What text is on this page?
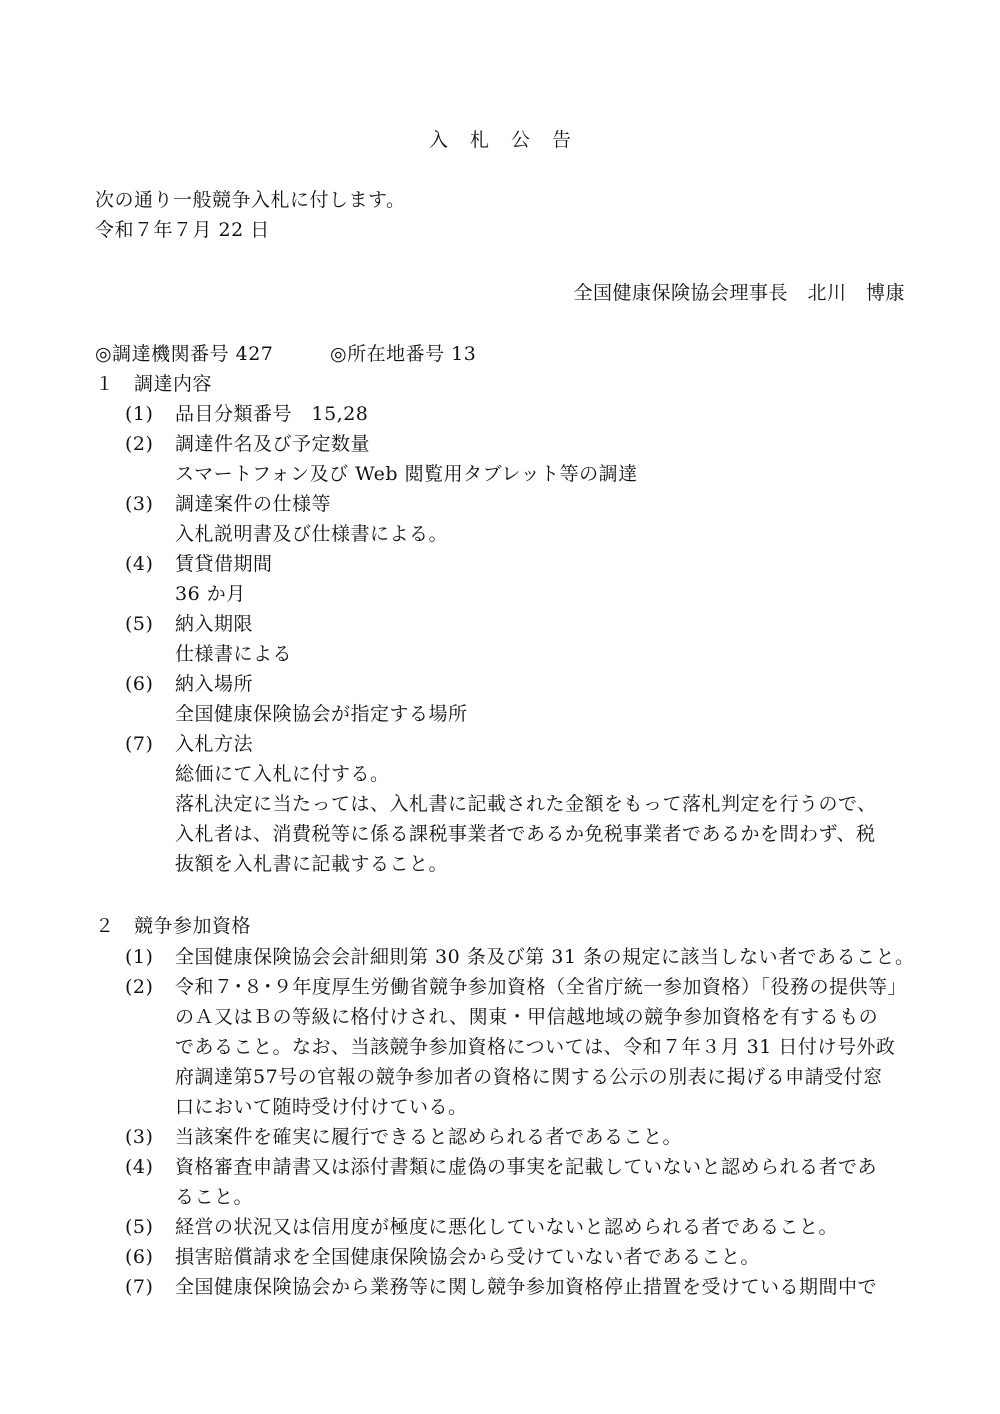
入 札 公 告
次の通り一般競争入札に付します。
令和７年７月 22 日
全国健康保険協会理事長　北川　博康
◎調達機関番号 427	◎所在地番号 13
１　調達内容
(1) 品目分類番号　15,28
(2) 調達件名及び予定数量
スマートフォン及び Web 閲覧用タブレット等の調達
(3) 調達案件の仕様等
入札説明書及び仕様書による。
(4) 賃貸借期間
36 か月
(5) 納入期限
仕様書による
(6) 納入場所
全国健康保険協会が指定する場所
(7) 入札方法
総価にて入札に付する。
落札決定に当たっては、入札書に記載された金額をもって落札判定を行うので、
入札者は、消費税等に係る課税事業者であるか免税事業者であるかを問わず、税
抜額を入札書に記載すること。
２　競争参加資格
(1) 全国健康保険協会会計細則第 30 条及び第 31 条の規定に該当しない者であること。
(2) 令和７･８･９年度厚生労働省競争参加資格（全省庁統一参加資格）「役務の提供等」
のＡ又はＢの等級に格付けされ、関東・甲信越地域の競争参加資格を有するもの
であること。なお、当該競争参加資格については、令和７年３月 31 日付け号外政
府調達第57号の官報の競争参加者の資格に関する公示の別表に掲げる申請受付窓
口において随時受け付けている。
(3) 当該案件を確実に履行できると認められる者であること。
(4) 資格審査申請書又は添付書類に虚偽の事実を記載していないと認められる者であ
ること。
(5) 経営の状況又は信用度が極度に悪化していないと認められる者であること。
(6) 損害賠償請求を全国健康保険協会から受けていない者であること。
(7) 全国健康保険協会から業務等に関し競争参加資格停止措置を受けている期間中で
